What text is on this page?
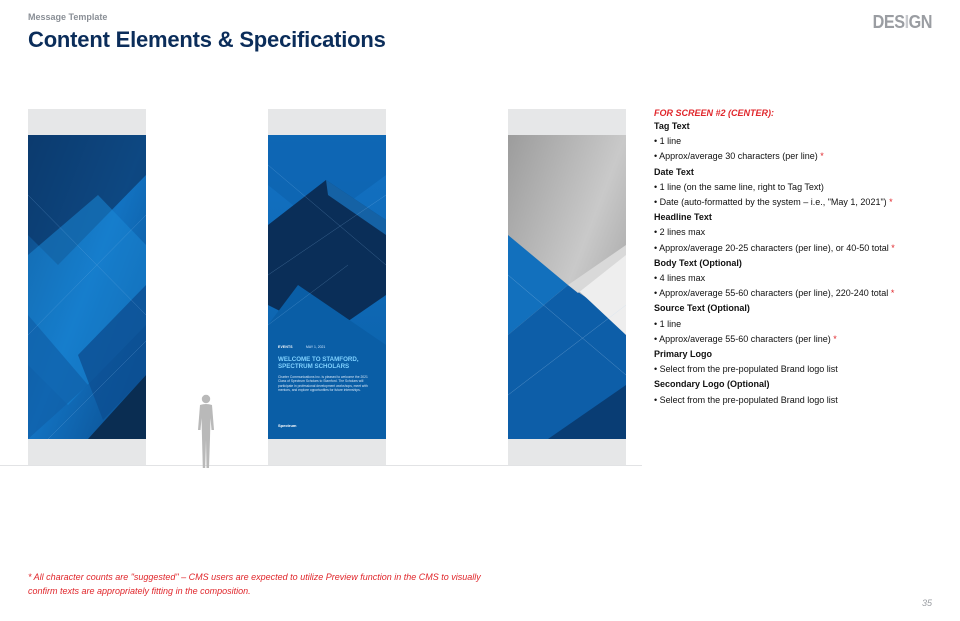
Message Template
Content Elements & Specifications
DESIGN
EVENTS	MAY 1, 2021
WELCOME TO STAMFORD,
SPECTRUM SCHOLARS
Charter Communications Inc. is pleased to welcome the 2021 Class of Spectrum Scholars to Stamford. The Scholars will participate in professional development workshops, meet with mentors, and explore opportunities for future internships.
Spectrum
FOR SCREEN #2 (CENTER):
Tag Text
• 1 line
• Approx/average 30 characters (per line) *
Date Text
• 1 line (on the same line, right to Tag Text)
• Date (auto-formatted by the system – i.e., "May 1, 2021") *
Headline Text
• 2 lines max
• Approx/average 20-25 characters (per line), or 40-50 total *
Body Text (Optional)
• 4 lines max
• Approx/average 55-60 characters (per line), 220-240 total *
Source Text (Optional)
• 1 line
• Approx/average 55-60 characters (per line) *
Primary Logo
• Select from the pre-populated Brand logo list
Secondary Logo (Optional)
• Select from the pre-populated Brand logo list
* All character counts are "suggested" – CMS users are expected to utilize Preview function in the CMS to visually
confirm texts are appropriately fitting in the composition.
35
